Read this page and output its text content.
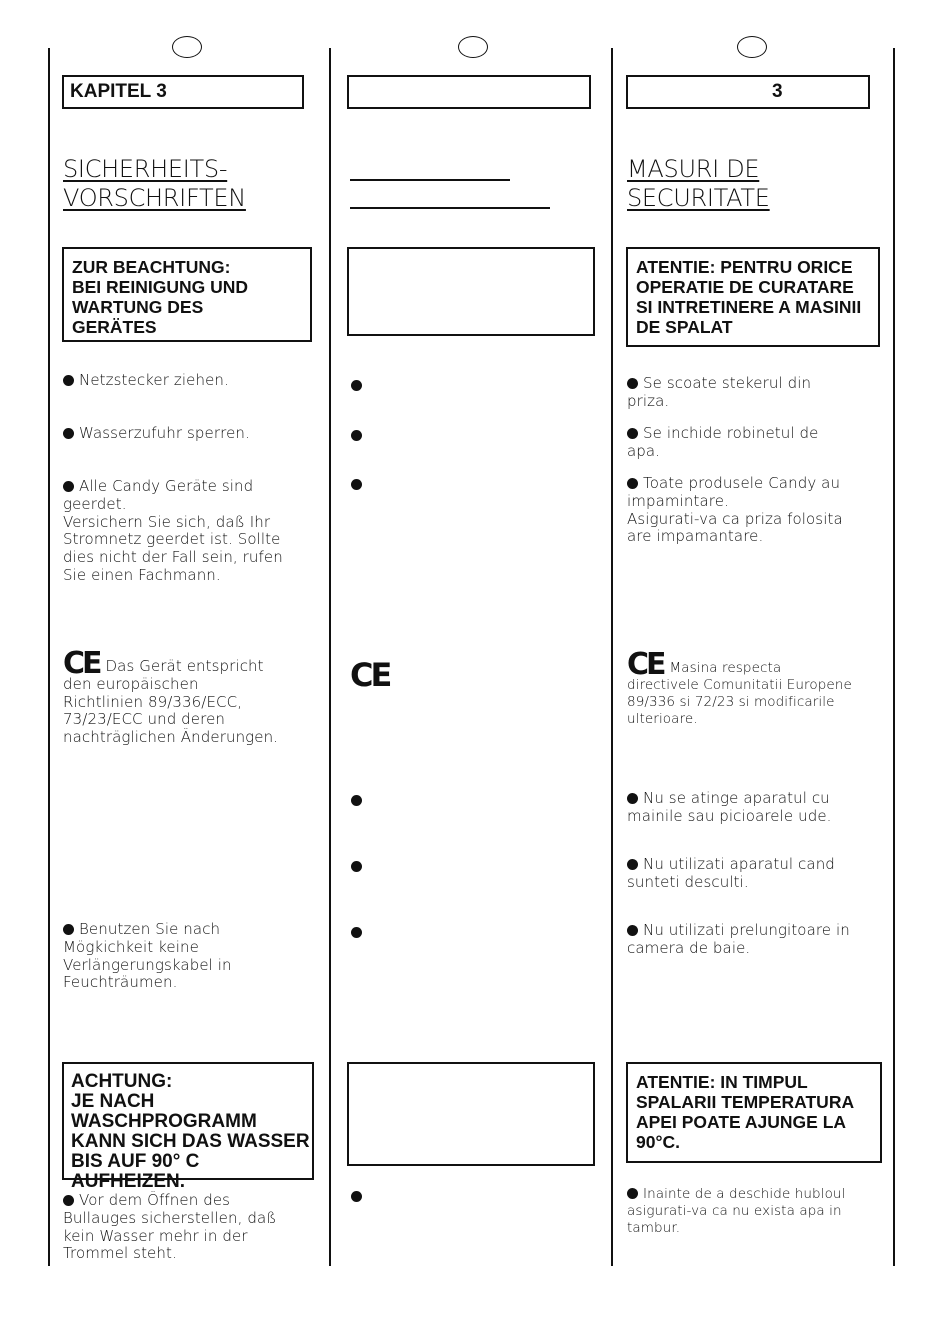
KAPITEL 3
SICHERHEITS-
VORSCHRIFTEN
ZUR BEACHTUNG:
BEI REINIGUNG UND
WARTUNG DES
GERÄTES
Netzstecker ziehen.
Wasserzufuhr sperren.
Alle Candy Geräte sind
geerdet.
Versichern Sie sich, daß Ihr
Stromnetz geerdet ist. Sollte
dies nicht der Fall sein, rufen
Sie einen Fachmann.
CE Das Gerät entspricht
den europäischen
Richtlinien 89/336/ECC,
73/23/ECC und deren
nachträglichen Änderungen.
Benutzen Sie nach
Mögkichkeit keine
Verlängerungskabel in
Feuchträumen.
ACHTUNG:
JE NACH
WASCHPROGRAMM
KANN SICH DAS WASSER
BIS AUF 90° C AUFHEIZEN.
Vor dem Öffnen des
Bullauges sicherstellen, daß
kein Wasser mehr in der
Trommel steht.
CE
3
MASURI DE
SECURITATE
ATENTIE: PENTRU ORICE
OPERATIE DE CURATARE
SI INTRETINERE A MASINII
DE SPALAT
Se scoate stekerul din
priza.
Se inchide robinetul de
apa.
Toate produsele Candy au
impamintare.
Asigurati-va ca priza folosita
are impamantare.
CE Masina respecta
directivele Comunitatii Europene
89/336 si 72/23 si modificarile
ulterioare.
Nu se atinge aparatul cu
mainile sau picioarele ude.
Nu utilizati aparatul cand
sunteti desculti.
Nu utilizati prelungitoare in
camera de baie.
ATENTIE: IN TIMPUL
SPALARII TEMPERATURA
APEI POATE AJUNGE LA
90°C.
Inainte de a deschide hubloul
asigurati-va ca nu exista apa in
tambur.
